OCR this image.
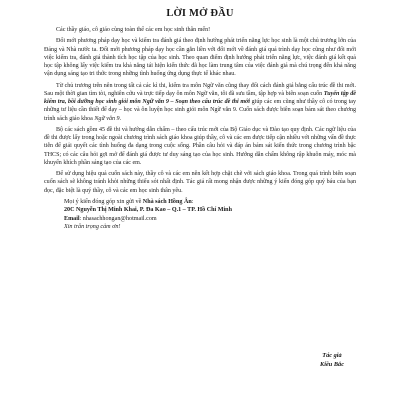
LỜI MỞ ĐẦU

Các thầy giáo, cô giáo cùng toàn thể các em học sinh thân mến!

Đổi mới phương pháp dạy học và kiểm tra đánh giá theo định hướng phát triển năng lực học sinh là một chủ trương lớn của Đảng và Nhà nước ta. Đổi mới phương pháp dạy học cần gắn liền với đổi mới về đánh giá quá trình dạy học cũng như đổi mới việc kiểm tra, đánh giá thành tích học tập của học sinh. Theo quan điểm định hướng phát triển năng lực, việc đánh giá kết quả học tập không lấy việc kiểm tra khả năng tái hiện kiến thức đã học làm trung tâm của việc đánh giá mà chú trọng đến khả năng vận dụng sáng tạo tri thức trong những tình huống ứng dụng thực tế khác nhau.

Từ chủ trương trên nên trong tất cả các kì thi, kiểm tra môn Ngữ văn cũng thay đổi cách đánh giá bằng cấu trúc đề thi mới. Sau một thời gian tìm tòi, nghiên cứu và trực tiếp dạy ôn môn Ngữ văn, tôi đã sưu tầm, tập hợp và biên soạn cuốn Tuyển tập đề kiểm tra, bồi dưỡng học sinh giỏi môn Ngữ văn 9 – Soạn theo cấu trúc đề thi mới giúp các em cũng như thầy cô có trong tay những tư liệu cần thiết để dạy – học và ôn luyện học sinh giỏi môn Ngữ văn 9. Cuốn sách được biên soạn bám sát theo chương trình sách giáo khoa Ngữ văn 9.

Bộ các sách gồm 45 đề thi và hướng dẫn chấm – theo cấu trúc mới của Bộ Giáo dục và Đào tạo quy định. Các ngữ liệu của đề thi được lấy trong hoặc ngoài chương trình sách giáo khoa giúp thầy, cô và các em được tiếp cận nhiều với những vấn đề thực tiễn để giải quyết các tình huống đa dạng trong cuộc sống. Phần câu hỏi và đáp án bám sát kiến thức trong chương trình bậc THCS; có các câu hỏi gợi mở để đánh giá được tư duy sáng tạo của học sinh. Hướng dẫn chấm không rập khuôn máy, móc mà khuyến khích phần sáng tạo của các em.

Để sử dụng hiệu quả cuốn sách này, thầy cô và các em nên kết hợp chặt chẽ với sách giáo khoa. Trong quá trình biên soạn cuốn sách sẽ không tránh khỏi những thiếu sót nhất định. Tác giả rất mong nhận được những ý kiến đóng góp quý báu của bạn đọc, đặc biệt là quý thầy, cô và các em học sinh thân yêu.

Mọi ý kiến đóng góp xin gửi về Nhà sách Hồng Ân:
20C Nguyễn Thị Minh Khai, P. Đa Kao – Q.1 – TP. Hồ Chí Minh
Email: nhasachhongan@hotmail.com
Xin trân trọng cảm ơn!
Tác giả
Kiều Bắc
